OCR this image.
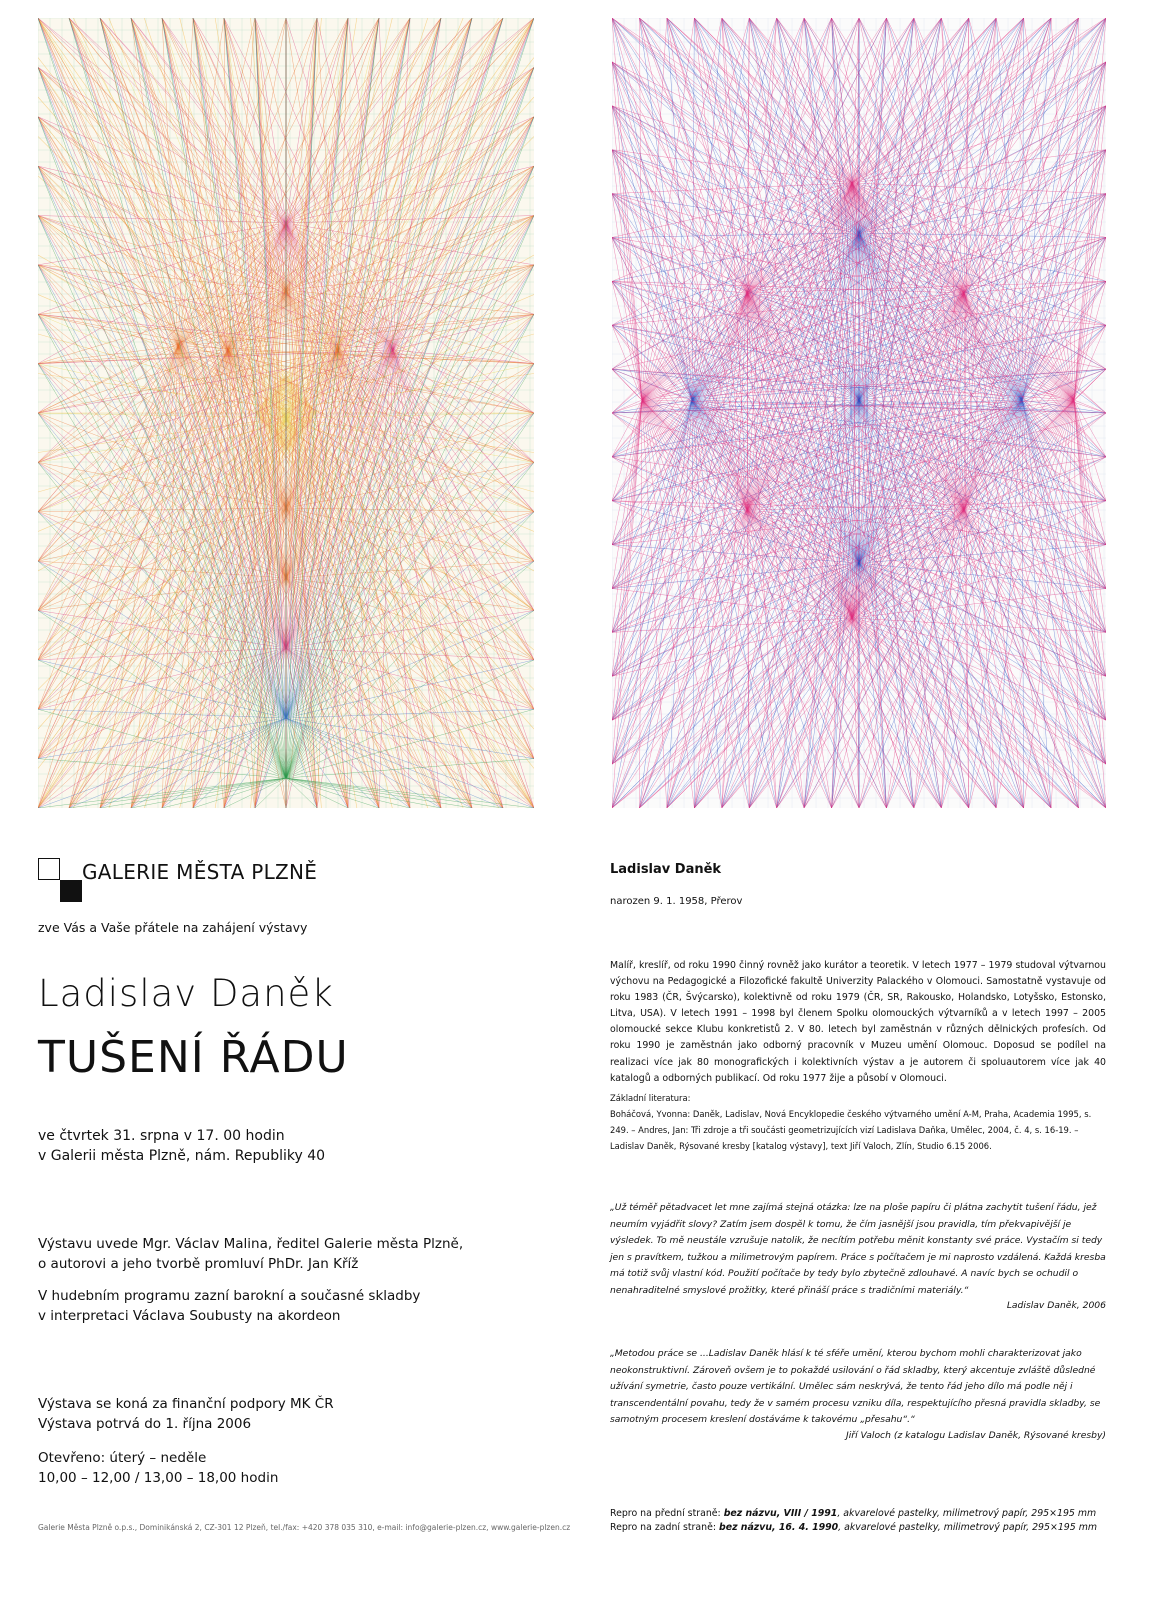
GALERIE MĚSTA PLZNĚ
zve Vás a Vaše přátele na zahájení výstavy
Ladislav Daněk
TUŠENÍ ŘÁDU
ve čtvrtek 31. srpna v 17. 00 hodin
v Galerii města Plzně, nám. Republiky 40
Výstavu uvede Mgr. Václav Malina, ředitel Galerie města Plzně,
o autorovi a jeho tvorbě promluví PhDr. Jan Kříž
V hudebním programu zazní barokní a současné skladby
v interpretaci Václava Soubusty na akordeon
Výstava se koná za finanční podpory MK ČR
Výstava potrvá do 1. října 2006
Otevřeno: úterý – neděle
10,00 – 12,00 / 13,00 – 18,00 hodin
Galerie Města Plzně o.p.s., Dominikánská 2, CZ-301 12 Plzeň, tel./fax: +420 378 035 310, e-mail: info@galerie-plzen.cz, www.galerie-plzen.cz
Ladislav Daněk
narozen 9. 1. 1958, Přerov
Malíř, kreslíř, od roku 1990 činný rovněž jako kurátor a teoretik. V letech 1977 – 1979 studoval výtvarnou výchovu na Pedagogické a Filozofické fakultě Univerzity Palackého v Olomouci. Samostatně vystavuje od roku 1983 (ČR, Švýcarsko), kolektivně od roku 1979 (ČR, SR, Rakousko, Holandsko, Lotyšsko, Estonsko, Litva, USA). V letech 1991 – 1998 byl členem Spolku olomouckých výtvarníků a v letech 1997 – 2005 olomoucké sekce Klubu konkretistů 2. V 80. letech byl zaměstnán v různých dělnických profesích. Od roku 1990 je zaměstnán jako odborný pracovník v Muzeu umění Olomouc. Doposud se podílel na realizaci více jak 80 monografických i kolektivních výstav a je autorem či spoluautorem více jak 40 katalogů a odborných publikací. Od roku 1977 žije a působí v Olomouci.
Základní literatura:
Boháčová, Yvonna: Daněk, Ladislav, Nová Encyklopedie českého výtvarného umění A-M, Praha, Academia 1995, s. 249. – Andres, Jan: Tři zdroje a tři součásti geometrizujících vizí Ladislava Daňka, Umělec, 2004, č. 4, s. 16-19. – Ladislav Daněk, Rýsované kresby [katalog výstavy], text Jiří Valoch, Zlín, Studio 6.15 2006.
„Už téměř pětadvacet let mne zajímá stejná otázka: lze na ploše papíru či plátna zachytit tušení řádu, jež neumím vyjádřit slovy? Zatím jsem dospěl k tomu, že čím jasnější jsou pravidla, tím překvapivější je výsledek. To mě neustále vzrušuje natolik, že necítím potřebu měnit konstanty své práce. Vystačím si tedy jen s pravítkem, tužkou a milimetrovým papírem. Práce s počítačem je mi naprosto vzdálená. Každá kresba má totiž svůj vlastní kód. Použití počítače by tedy bylo zbytečně zdlouhavé. A navíc bych se ochudil o nenahraditelné smyslové prožitky, které přináší práce s tradičními materiály.“
Ladislav Daněk, 2006
„Metodou práce se ...Ladislav Daněk hlásí k té sféře umění, kterou bychom mohli charakterizovat jako neokonstruktivní. Zároveň ovšem je to pokaždé usilování o řád skladby, který akcentuje zvláště důsledné užívání symetrie, často pouze vertikální. Umělec sám neskrývá, že tento řád jeho dílo má podle něj i transcendentální povahu, tedy že v samém procesu vzniku díla, respektujícího přesná pravidla skladby, se samotným procesem kreslení dostáváme k takovému „přesahu“.“
Jiří Valoch (z katalogu Ladislav Daněk, Rýsované kresby)
Repro na přední straně: bez názvu, VIII / 1991, akvarelové pastelky, milimetrový papír, 295×195 mm
Repro na zadní straně: bez názvu, 16. 4. 1990, akvarelové pastelky, milimetrový papír, 295×195 mm
